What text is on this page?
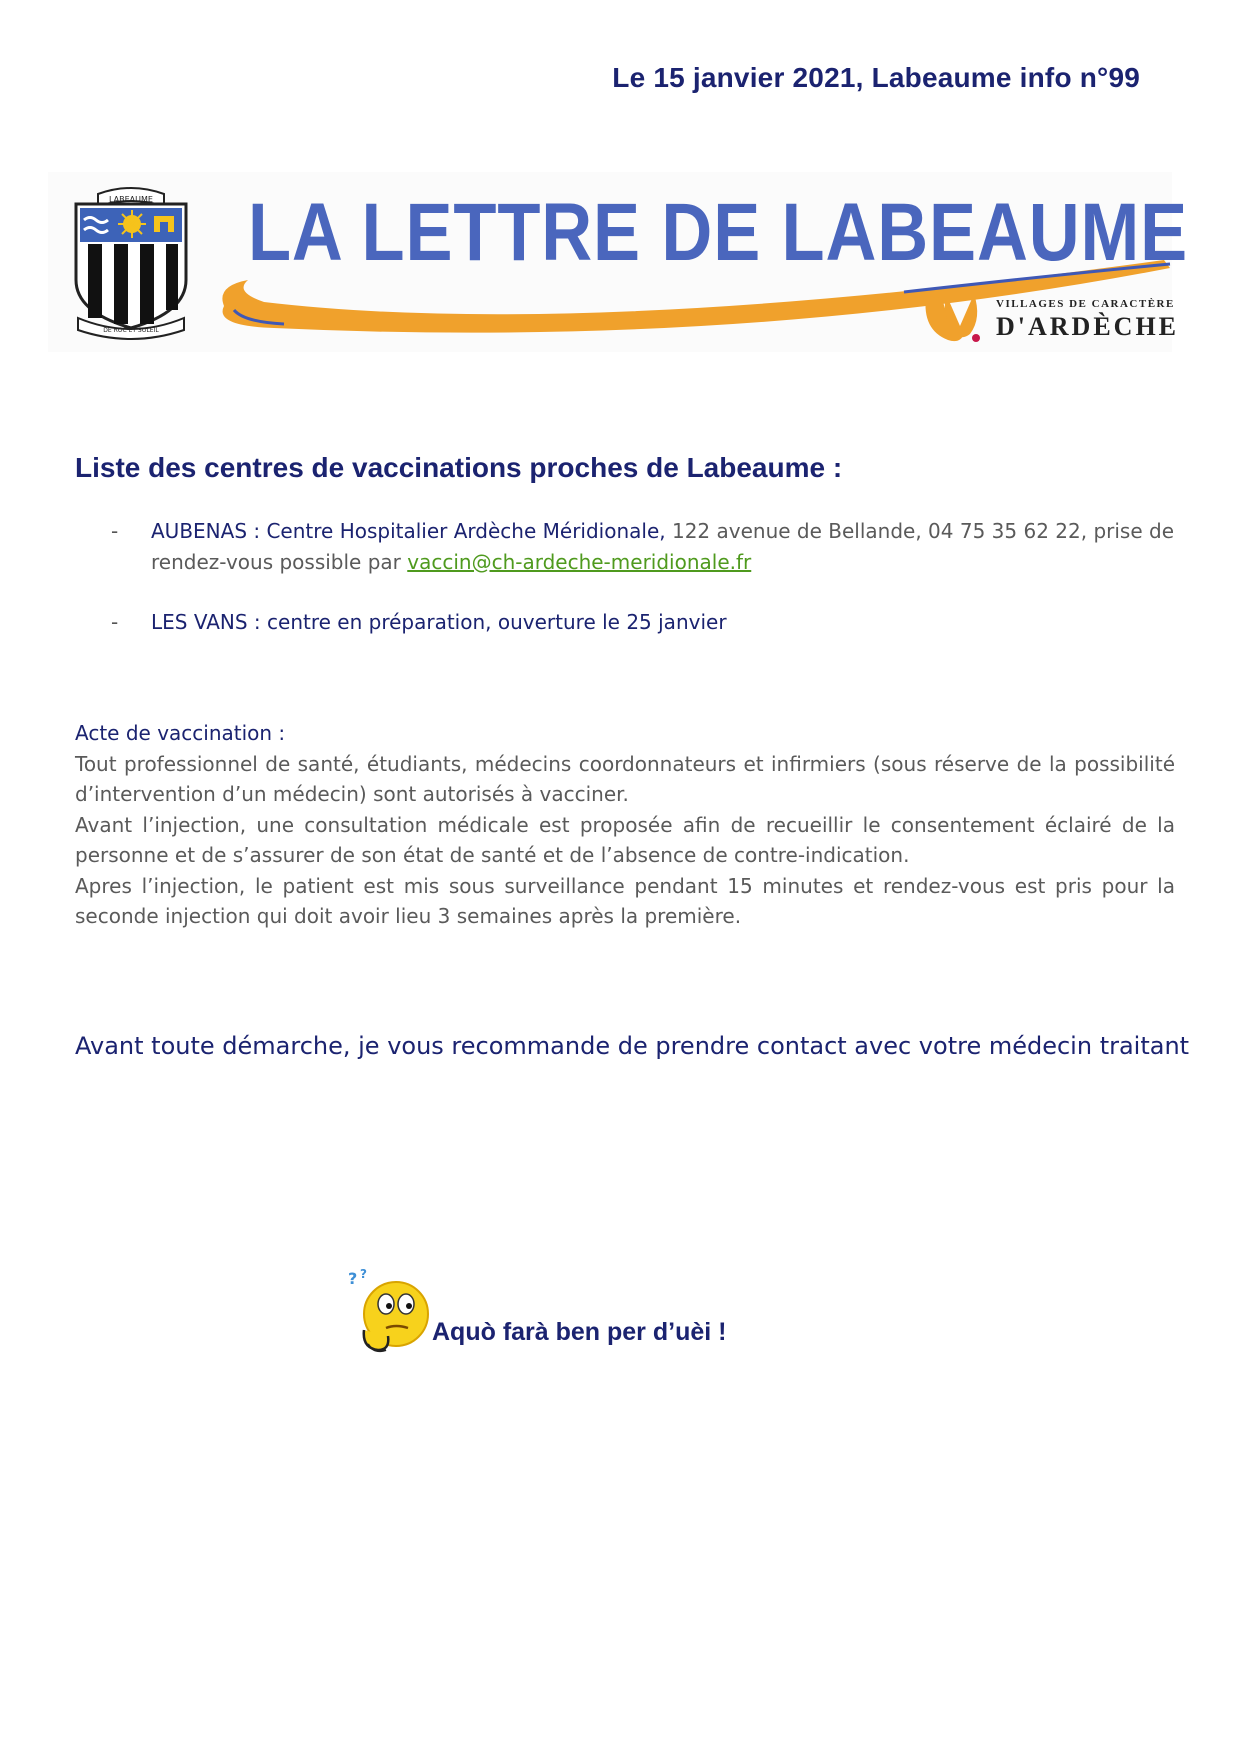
Le 15 janvier 2021, Labeaume info n°99
LABEAUME
DE ROC ET SOLEIL
LA LETTRE DE LABEAUME
VILLAGES DE CARACTÈRE
D'ARDÈCHE
Liste des centres de vaccinations proches de Labeaume :
- AUBENAS : Centre Hospitalier Ardèche Méridionale, 122 avenue de Bellande, 04 75 35 62 22, prise de rendez-vous possible par vaccin@ch-ardeche-meridionale.fr
- LES VANS : centre en préparation, ouverture le 25 janvier
Acte de vaccination :

Tout professionnel de santé, étudiants, médecins coordonnateurs et infirmiers (sous réserve de la possibilité d’intervention d’un médecin) sont autorisés à vacciner.

Avant l’injection, une consultation médicale est proposée afin de recueillir le consentement éclairé de la personne et de s’assurer de son état de santé et de l’absence de contre-indication.

Apres l’injection, le patient est mis sous surveillance pendant 15 minutes et rendez-vous est pris pour la seconde injection qui doit avoir lieu 3 semaines après la première.

Avant toute démarche, je vous recommande de prendre contact avec votre médecin traitant
? ?
Aquò farà ben per d’uèi !
